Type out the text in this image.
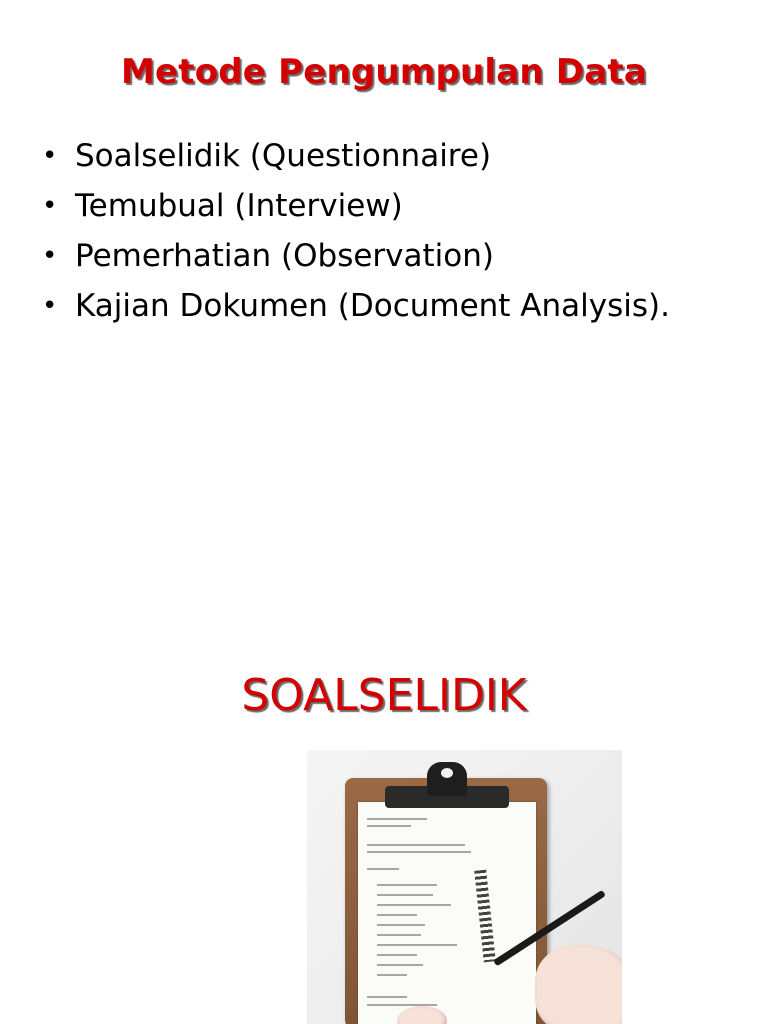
Metode Pengumpulan Data
• Soalselidik (Questionnaire)
• Temubual (Interview)
• Pemerhatian (Observation)
• Kajian Dokumen (Document Analysis).
SOALSELIDIK
